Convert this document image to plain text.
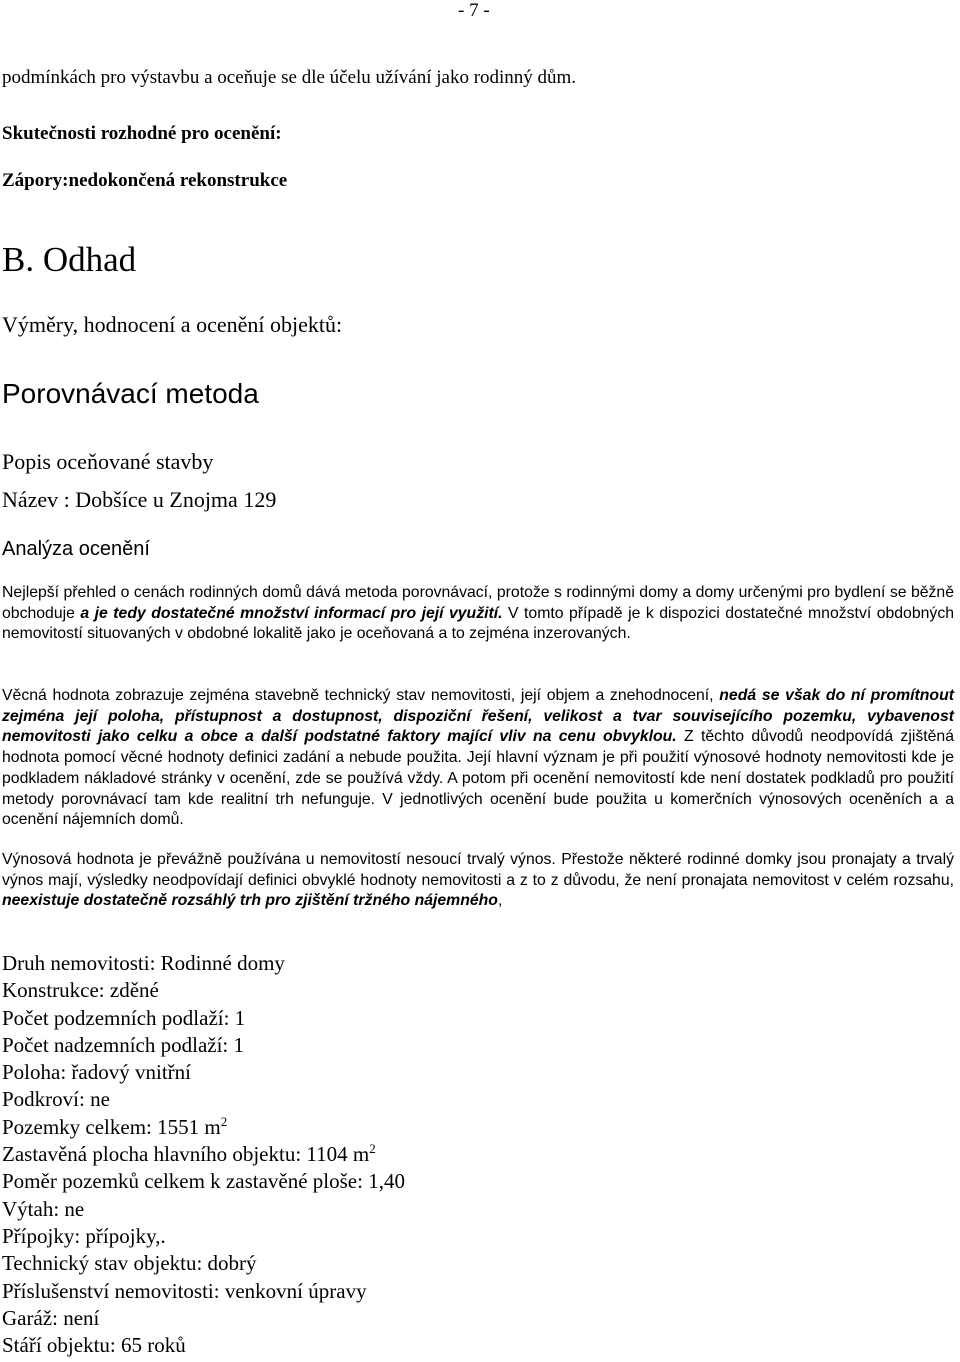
- 7 -

podmínkách pro výstavbu a oceňuje se dle účelu užívání jako rodinný dům.

Skutečnosti rozhodné pro ocenění:

Zápory:nedokončená rekonstrukce

B. Odhad
Výměry, hodnocení a ocenění objektů:
Porovnávací metoda
Popis oceňované stavby

Název : Dobšíce u Znojma 129

Analýza ocenění

Nejlepší přehled o cenách rodinných domů dává metoda porovnávací, protože s rodinnými domy a domy určenými pro bydlení se běžně obchoduje a je tedy dostatečné množství informací pro její využití. V tomto případě je k dispozici dostatečné množství obdobných nemovitostí situovaných v obdobné lokalitě jako je oceňovaná a to zejména inzerovaných.

Věcná hodnota zobrazuje zejména stavebně technický stav nemovitosti, její objem a znehodnocení, nedá se však do ní promítnout zejména její poloha, přístupnost a dostupnost, dispoziční řešení, velikost a tvar souvisejícího pozemku, vybavenost nemovitosti jako celku a obce a další podstatné faktory mající vliv na cenu obvyklou. Z těchto důvodů neodpovídá zjištěná hodnota pomocí věcné hodnoty definici zadání a nebude použita. Její hlavní význam je při použití výnosové hodnoty nemovitosti kde je podkladem nákladové stránky v ocenění, zde se používá vždy. A potom při ocenění nemovitostí kde není dostatek podkladů pro použití metody porovnávací tam kde realitní trh nefunguje. V jednotlivých ocenění bude použita u komerčních výnosových oceněních a a ocenění nájemních domů.

Výnosová hodnota je převážně používána u nemovitostí nesoucí trvalý výnos. Přestože některé rodinné domky jsou pronajaty a trvalý výnos mají, výsledky neodpovídají definici obvyklé hodnoty nemovitosti a z to z důvodu, že není pronajata nemovitost v celém rozsahu, neexistuje dostatečně rozsáhlý trh pro zjištění tržného nájemného,

Druh nemovitosti: Rodinné domy
Konstrukce: zděné
Počet podzemních podlaží: 1
Počet nadzemních podlaží: 1
Poloha: řadový vnitřní
Podkroví: ne
Pozemky celkem: 1551 $m^2$
Zastavěná plocha hlavního objektu: 1104 $m^2$
Poměr pozemků celkem k zastavěné ploše: 1,40
Výtah: ne
Přípojky: přípojky,.
Technický stav objektu: dobrý
Příslušenství nemovitosti: venkovní úpravy
Garáž: není
Stáří objektu: 65 roků
